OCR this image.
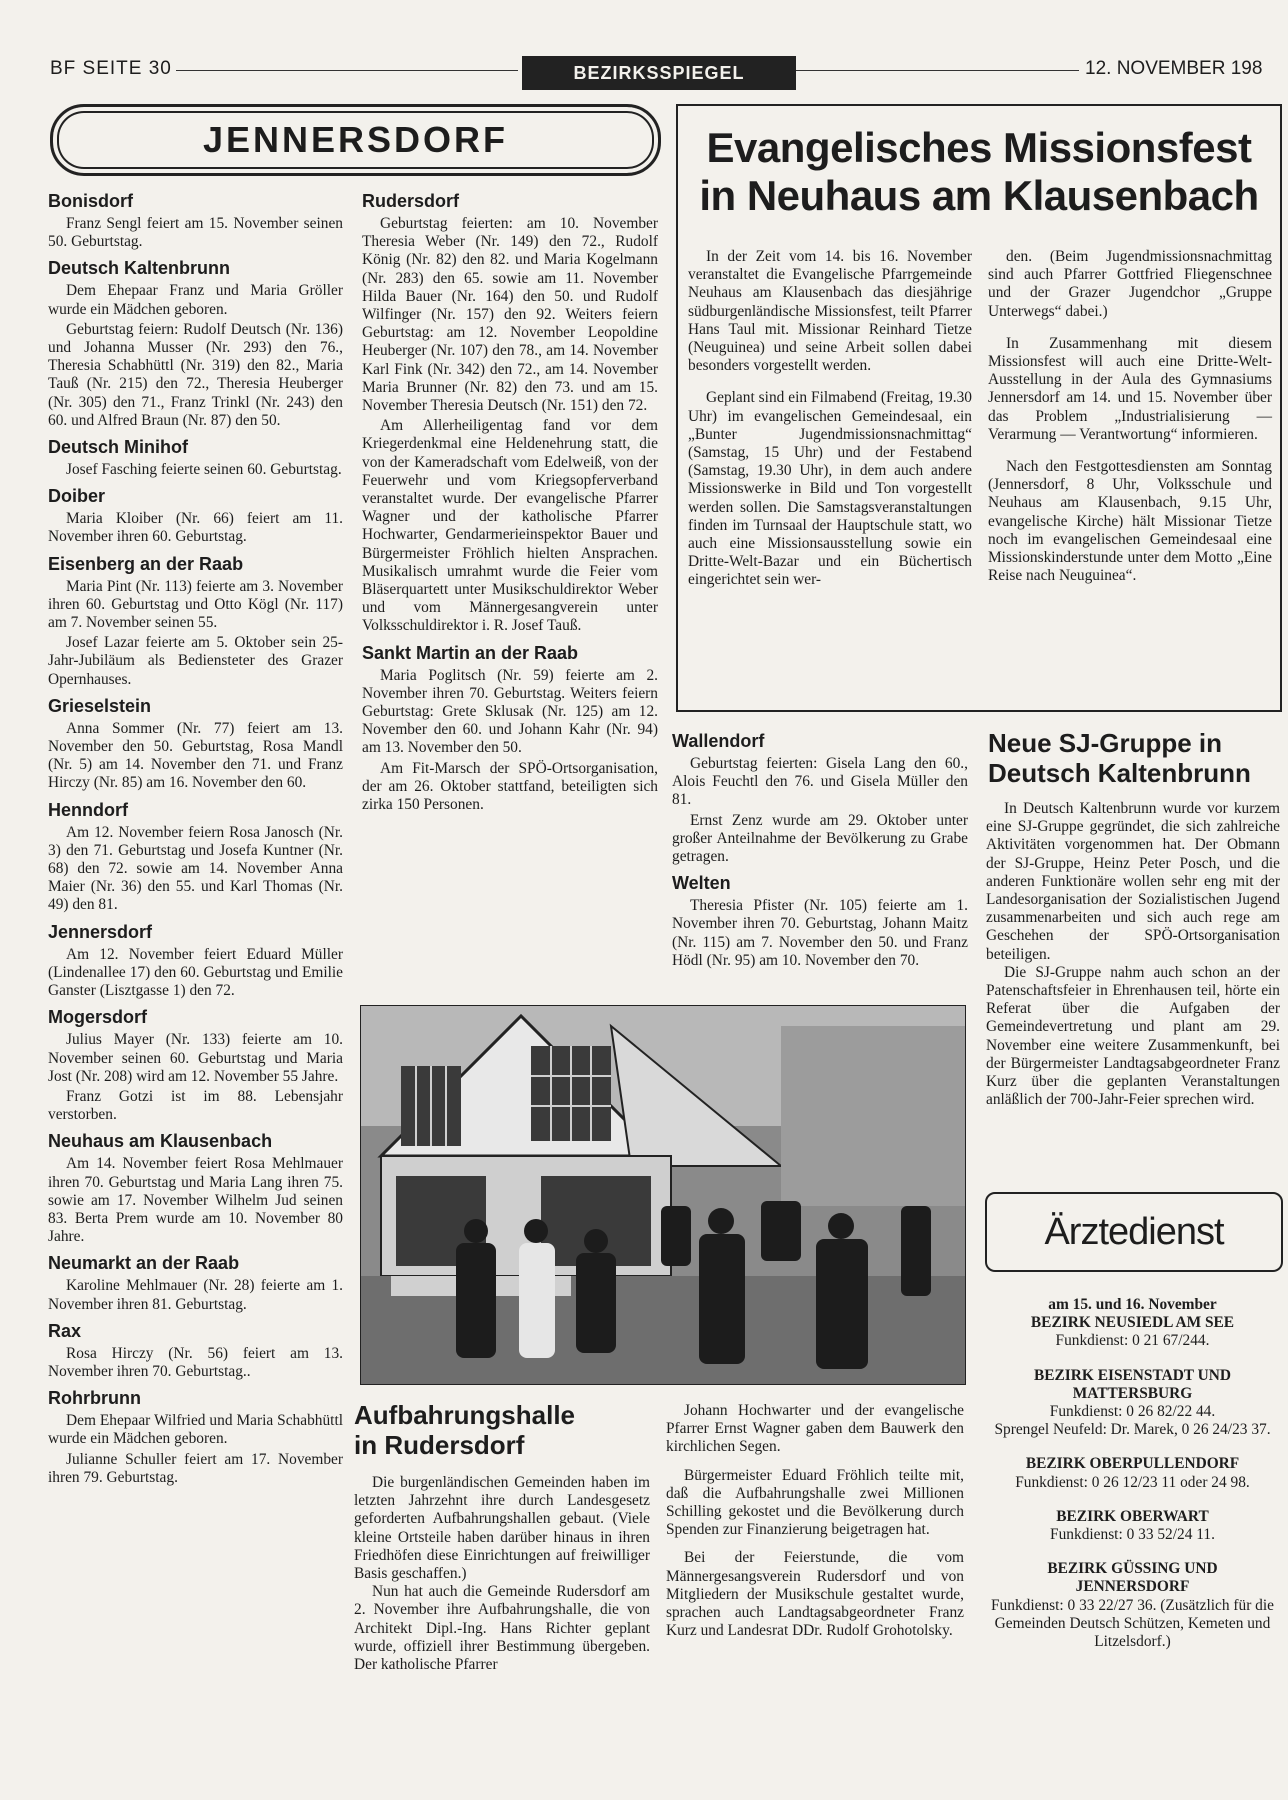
BF SEITE 30	BEZIRKSSPIEGEL	12. NOVEMBER 198
JENNERSDORF
Bonisdorf

Franz Sengl feiert am 15. November seinen 50. Geburtstag.

Deutsch Kaltenbrunn

Dem Ehepaar Franz und Maria Gröller wurde ein Mädchen geboren.

Geburtstag feiern: Rudolf Deutsch (Nr. 136) und Johanna Musser (Nr. 293) den 76., Theresia Schabhüttl (Nr. 319) den 82., Maria Tauß (Nr. 215) den 72., Theresia Heuberger (Nr. 305) den 71., Franz Trinkl (Nr. 243) den 60. und Alfred Braun (Nr. 87) den 50.

Deutsch Minihof

Josef Fasching feierte seinen 60. Geburtstag.

Doiber

Maria Kloiber (Nr. 66) feiert am 11. November ihren 60. Geburtstag.

Eisenberg an der Raab

Maria Pint (Nr. 113) feierte am 3. November ihren 60. Geburtstag und Otto Kögl (Nr. 117) am 7. November seinen 55.

Josef Lazar feierte am 5. Oktober sein 25-Jahr-Jubiläum als Bediensteter des Grazer Opernhauses.

Grieselstein

Anna Sommer (Nr. 77) feiert am 13. November den 50. Geburtstag, Rosa Mandl (Nr. 5) am 14. November den 71. und Franz Hirczy (Nr. 85) am 16. November den 60.

Henndorf

Am 12. November feiern Rosa Janosch (Nr. 3) den 71. Geburtstag und Josefa Kuntner (Nr. 68) den 72. sowie am 14. November Anna Maier (Nr. 36) den 55. und Karl Thomas (Nr. 49) den 81.

Jennersdorf

Am 12. November feiert Eduard Müller (Lindenallee 17) den 60. Geburtstag und Emilie Ganster (Lisztgasse 1) den 72.

Mogersdorf

Julius Mayer (Nr. 133) feierte am 10. November seinen 60. Geburtstag und Maria Jost (Nr. 208) wird am 12. November 55 Jahre.

Franz Gotzi ist im 88. Lebensjahr verstorben.

Neuhaus am Klausenbach

Am 14. November feiert Rosa Mehlmauer ihren 70. Geburtstag und Maria Lang ihren 75. sowie am 17. November Wilhelm Jud seinen 83. Berta Prem wurde am 10. November 80 Jahre.

Neumarkt an der Raab

Karoline Mehlmauer (Nr. 28) feierte am 1. November ihren 81. Geburtstag.

Rax

Rosa Hirczy (Nr. 56) feiert am 13. November ihren 70. Geburtstag..

Rohrbrunn

Dem Ehepaar Wilfried und Maria Schabhüttl wurde ein Mädchen geboren.

Julianne Schuller feiert am 17. November ihren 79. Geburtstag.

Rudersdorf

Geburtstag feierten: am 10. November Theresia Weber (Nr. 149) den 72., Rudolf König (Nr. 82) den 82. und Maria Kogelmann (Nr. 283) den 65. sowie am 11. November Hilda Bauer (Nr. 164) den 50. und Rudolf Wilfinger (Nr. 157) den 92. Weiters feiern Geburtstag: am 12. November Leopoldine Heuberger (Nr. 107) den 78., am 14. November Karl Fink (Nr. 342) den 72., am 14. November Maria Brunner (Nr. 82) den 73. und am 15. November Theresia Deutsch (Nr. 151) den 72.

Am Allerheiligentag fand vor dem Kriegerdenkmal eine Heldenehrung statt, die von der Kameradschaft vom Edelweiß, von der Feuerwehr und vom Kriegsopferverband veranstaltet wurde. Der evangelische Pfarrer Wagner und der katholische Pfarrer Hochwarter, Gendarmerieinspektor Bauer und Bürgermeister Fröhlich hielten Ansprachen. Musikalisch umrahmt wurde die Feier vom Bläserquartett unter Musikschuldirektor Weber und vom Männergesangverein unter Volksschuldirektor i. R. Josef Tauß.

Sankt Martin an der Raab

Maria Poglitsch (Nr. 59) feierte am 2. November ihren 70. Geburtstag. Weiters feiern Geburtstag: Grete Sklusak (Nr. 125) am 12. November den 60. und Johann Kahr (Nr. 94) am 13. November den 50.

Am Fit-Marsch der SPÖ-Ortsorganisation, der am 26. Oktober stattfand, beteiligten sich zirka 150 Personen.

Wallendorf

Geburtstag feierten: Gisela Lang den 60., Alois Feuchtl den 76. und Gisela Müller den 81.

Ernst Zenz wurde am 29. Oktober unter großer Anteilnahme der Bevölkerung zu Grabe getragen.

Welten

Theresia Pfister (Nr. 105) feierte am 1. November ihren 70. Geburtstag, Johann Maitz (Nr. 115) am 7. November den 50. und Franz Hödl (Nr. 95) am 10. November den 70.

Evangelisches Missionsfest
in Neuhaus am Klausenbach

In der Zeit vom 14. bis 16. November veranstaltet die Evangelische Pfarrgemeinde Neuhaus am Klausenbach das diesjährige südburgenländische Missionsfest, teilt Pfarrer Hans Taul mit. Missionar Reinhard Tietze (Neuguinea) und seine Arbeit sollen dabei besonders vorgestellt werden.

Geplant sind ein Filmabend (Freitag, 19.30 Uhr) im evangelischen Gemeindesaal, ein „Bunter Jugendmissionsnachmittag“ (Samstag, 15 Uhr) und der Festabend (Samstag, 19.30 Uhr), in dem auch andere Missionswerke in Bild und Ton vorgestellt werden sollen. Die Samstagsveranstaltungen finden im Turnsaal der Hauptschule statt, wo auch eine Missionsausstellung sowie ein Dritte-Welt-Bazar und ein Büchertisch eingerichtet sein wer-

den. (Beim Jugendmissionsnachmittag sind auch Pfarrer Gottfried Fliegenschnee und der Grazer Jugendchor „Gruppe Unterwegs“ dabei.)

In Zusammenhang mit diesem Missionsfest will auch eine Dritte-Welt-Ausstellung in der Aula des Gymnasiums Jennersdorf am 14. und 15. November über das Problem „Industrialisierung — Verarmung — Verantwortung“ informieren.

Nach den Festgottesdiensten am Sonntag (Jennersdorf, 8 Uhr, Volksschule und Neuhaus am Klausenbach, 9.15 Uhr, evangelische Kirche) hält Missionar Tietze noch im evangelischen Gemeindesaal eine Missionskinderstunde unter dem Motto „Eine Reise nach Neuguinea“.

Neue SJ-Gruppe in
Deutsch Kaltenbrunn

In Deutsch Kaltenbrunn wurde vor kurzem eine SJ-Gruppe gegründet, die sich zahlreiche Aktivitäten vorgenommen hat. Der Obmann der SJ-Gruppe, Heinz Peter Posch, und die anderen Funktionäre wollen sehr eng mit der Landesorganisation der Sozialistischen Jugend zusammenarbeiten und sich auch rege am Geschehen der SPÖ-Ortsorganisation beteiligen.

Die SJ-Gruppe nahm auch schon an der Patenschaftsfeier in Ehrenhausen teil, hörte ein Referat über die Aufgaben der Gemeindevertretung und plant am 29. November eine weitere Zusammenkunft, bei der Bürgermeister Landtagsabgeordneter Franz Kurz über die geplanten Veranstaltungen anläßlich der 700-Jahr-Feier sprechen wird.

Aufbahrungshalle
in Rudersdorf

Die burgenländischen Gemeinden haben im letzten Jahrzehnt ihre durch Landesgesetz geforderten Aufbahrungshallen gebaut. (Viele kleine Ortsteile haben darüber hinaus in ihren Friedhöfen diese Einrichtungen auf freiwilliger Basis geschaffen.)

Nun hat auch die Gemeinde Rudersdorf am 2. November ihre Aufbahrungshalle, die von Architekt Dipl.-Ing. Hans Richter geplant wurde, offiziell ihrer Bestimmung übergeben. Der katholische Pfarrer

Johann Hochwarter und der evangelische Pfarrer Ernst Wagner gaben dem Bauwerk den kirchlichen Segen.

Bürgermeister Eduard Fröhlich teilte mit, daß die Aufbahrungshalle zwei Millionen Schilling gekostet und die Bevölkerung durch Spenden zur Finanzierung beigetragen hat.

Bei der Feierstunde, die vom Männergesangsverein Rudersdorf und von Mitgliedern der Musikschule gestaltet wurde, sprachen auch Landtagsabgeordneter Franz Kurz und Landesrat DDr. Rudolf Grohotolsky.

Ärztedienst

am 15. und 16. November

BEZIRK NEUSIEDL AM SEE

Funkdienst: 0 21 67/244.

BEZIRK EISENSTADT UND

MATTERSBURG

Funkdienst: 0 26 82/22 44.

Sprengel Neufeld: Dr. Marek, 0 26 24/23 37.

BEZIRK OBERPULLENDORF

Funkdienst: 0 26 12/23 11 oder 24 98.

BEZIRK OBERWART

Funkdienst: 0 33 52/24 11.

BEZIRK GÜSSING UND

JENNERSDORF

Funkdienst: 0 33 22/27 36. (Zusätzlich für die Gemeinden Deutsch Schützen, Kemeten und Litzelsdorf.)
